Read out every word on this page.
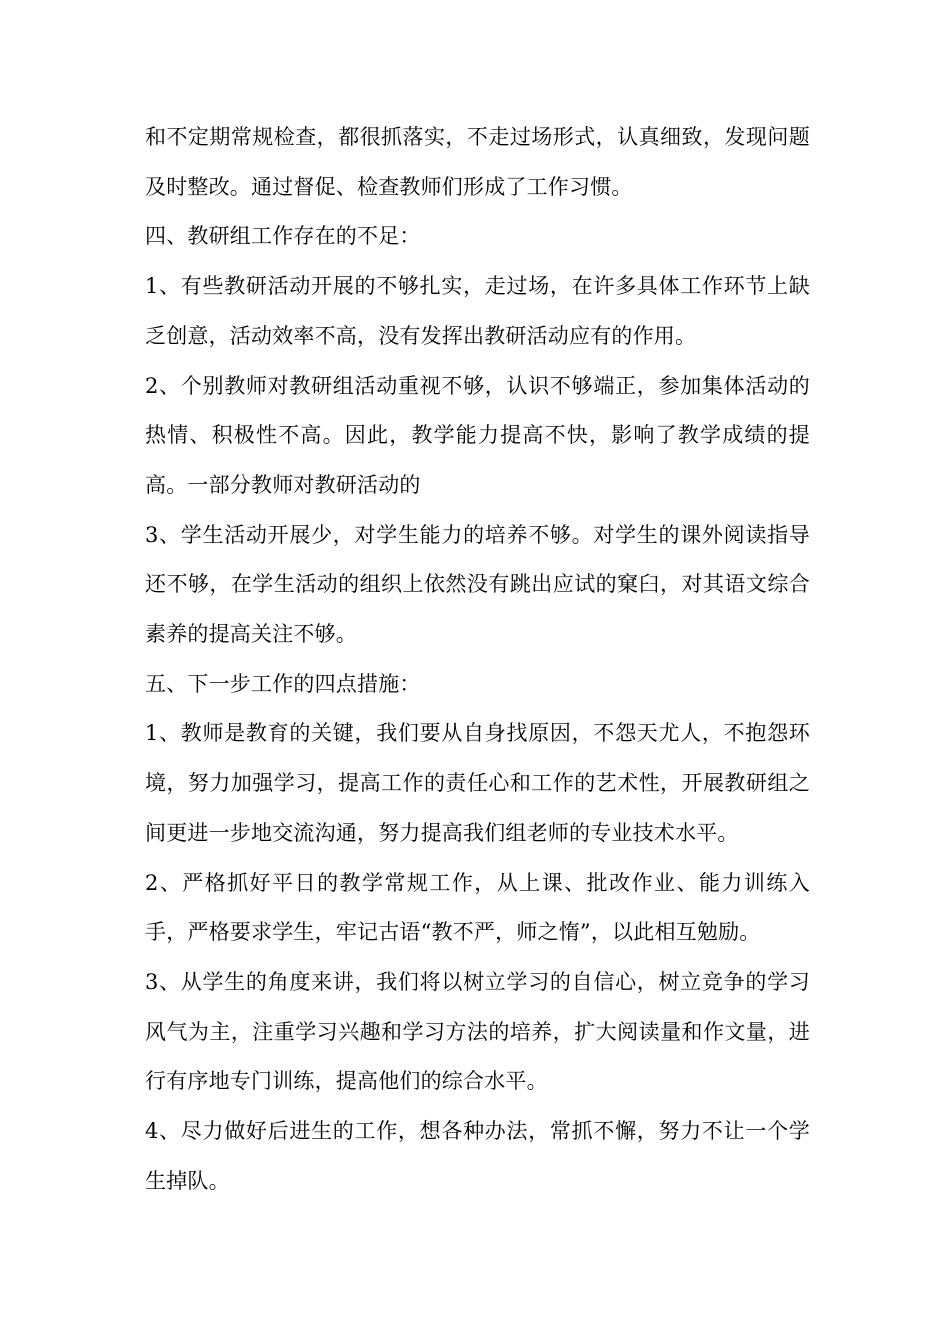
和不定期常规检查，都很抓落实，不走过场形式，认真细致，发现问题及时整改。通过督促、检查教师们形成了工作习惯。

四、教研组工作存在的不足：

1、有些教研活动开展的不够扎实，走过场，在许多具体工作环节上缺乏创意，活动效率不高，没有发挥出教研活动应有的作用。

2、个别教师对教研组活动重视不够，认识不够端正，参加集体活动的热情、积极性不高。因此，教学能力提高不快，影响了教学成绩的提高。一部分教师对教研活动的

3、学生活动开展少，对学生能力的培养不够。对学生的课外阅读指导还不够，在学生活动的组织上依然没有跳出应试的窠臼，对其语文综合素养的提高关注不够。

五、下一步工作的四点措施：

1、教师是教育的关键，我们要从自身找原因，不怨天尤人，不抱怨环境，努力加强学习，提高工作的责任心和工作的艺术性，开展教研组之间更进一步地交流沟通，努力提高我们组老师的专业技术水平。

2、严格抓好平日的教学常规工作，从上课、批改作业、能力训练入手，严格要求学生，牢记古语“教不严，师之惰”，以此相互勉励。

3、从学生的角度来讲，我们将以树立学习的自信心，树立竞争的学习风气为主，注重学习兴趣和学习方法的培养，扩大阅读量和作文量，进行有序地专门训练，提高他们的综合水平。

4、尽力做好后进生的工作，想各种办法，常抓不懈，努力不让一个学生掉队。
